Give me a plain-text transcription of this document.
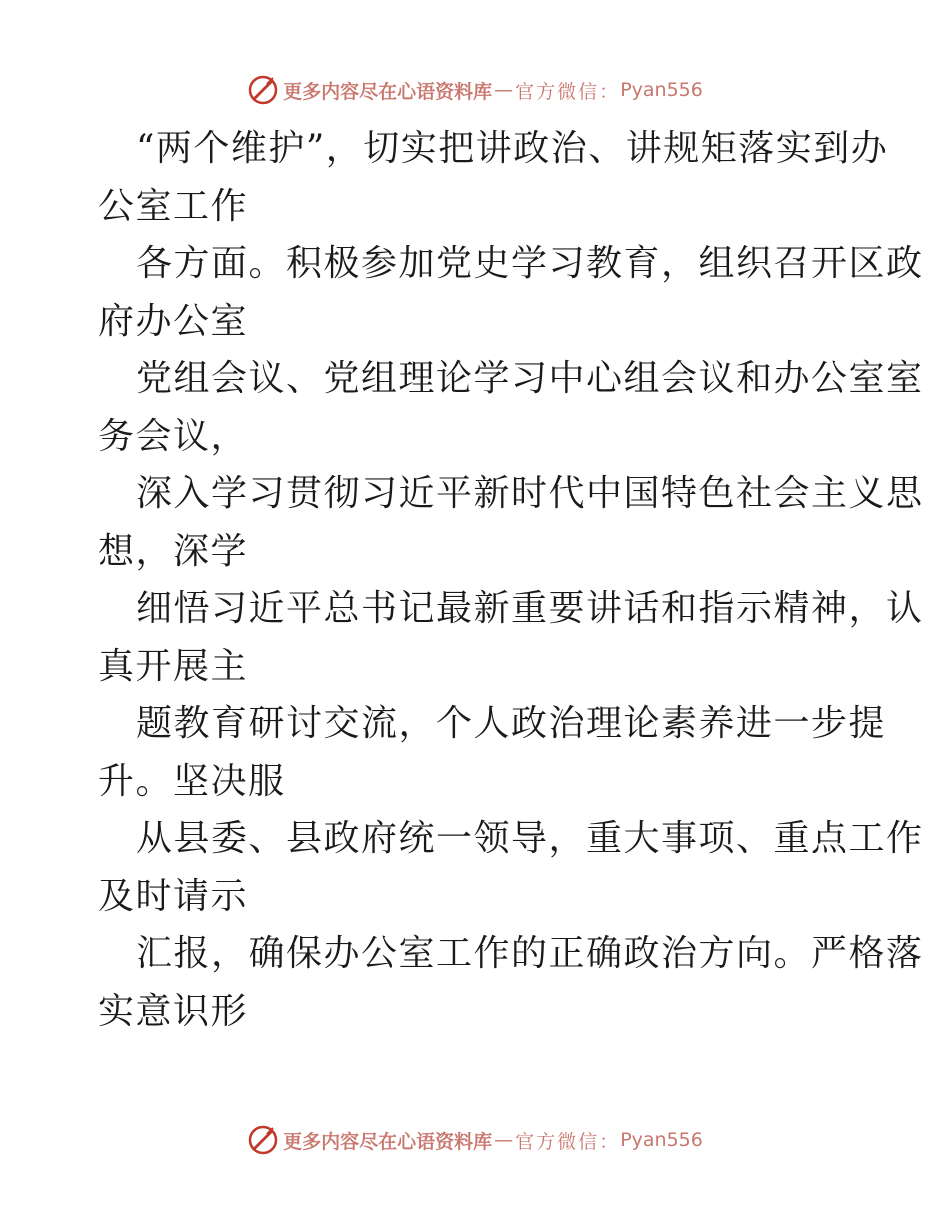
更多内容尽在心语资料库 — 官方微信： Pyan556
“两个维护”，切实把讲政治、讲规矩落实到办
公室工作
各方面。积极参加党史学习教育，组织召开区政
府办公室
党组会议、党组理论学习中心组会议和办公室室
务会议，
深入学习贯彻习近平新时代中国特色社会主义思
想，深学
细悟习近平总书记最新重要讲话和指示精神，认
真开展主
题教育研讨交流，个人政治理论素养进一步提
升。坚决服
从县委、县政府统一领导，重大事项、重点工作
及时请示
汇报，确保办公室工作的正确政治方向。严格落
实意识形
更多内容尽在心语资料库 — 官方微信： Pyan556
